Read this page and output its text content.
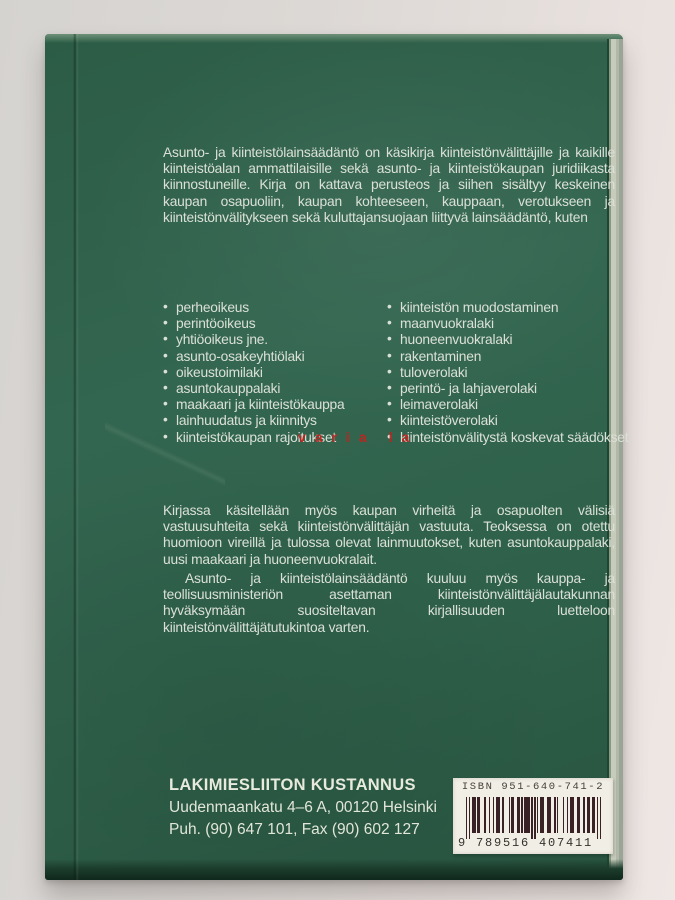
Asunto- ja kiinteistölainsäädäntö on käsikirja kiinteistönvälittäjille ja kaikille kiinteistöalan ammattilaisille sekä asunto- ja kiinteistökaupan juridiikasta kiinnostuneille. Kirja on kattava perusteos ja siihen sisältyy keskeinen kaupan osapuoliin, kaupan kohteeseen, kauppaan, verotukseen ja kiinteistönvälitykseen sekä kuluttajansuojaan liittyvä lainsäädäntö, kuten

• perheoikeus
• perintöoikeus
• yhtiöoikeus jne.
• asunto-osakeyhtiölaki
• oikeustoimilaki
• asuntokauppalaki
• maakaari ja kiinteistökauppa
• lainhuudatus ja kiinnitys
• kiinteistökaupan rajoitukset
• kiinteistön muodostaminen
• maanvuokralaki
• huoneenvuokralaki
• rakentaminen
• tuloverolaki
• perintö- ja lahjaverolaki
• leimaverolaki
• kiinteistöverolaki
• kiinteistönvälitystä koskevat säädökset
varia la

Kirjassa käsitellään myös kaupan virheitä ja osapuolten välisiä vastuusuhteita sekä kiinteistönvälittäjän vastuuta. Teoksessa on otettu huomioon vireillä ja tulossa olevat lainmuutokset, kuten asuntokauppalaki, uusi maakaari ja huoneenvuokralait.

Asunto- ja kiinteistölainsäädäntö kuuluu myös kauppa- ja teollisuusministeriön asettaman kiinteistönvälittäjälautakunnan hyväksymään suositeltavan kirjallisuuden luetteloon kiinteistönvälittäjätutukintoa varten.

LAKIMIESLIITON KUSTANNUS
Uudenmaankatu 4–6 A, 00120 Helsinki
Puh. (90) 647 101, Fax (90) 602 127
ISBN 951-640-741-2
9 789516 407411
